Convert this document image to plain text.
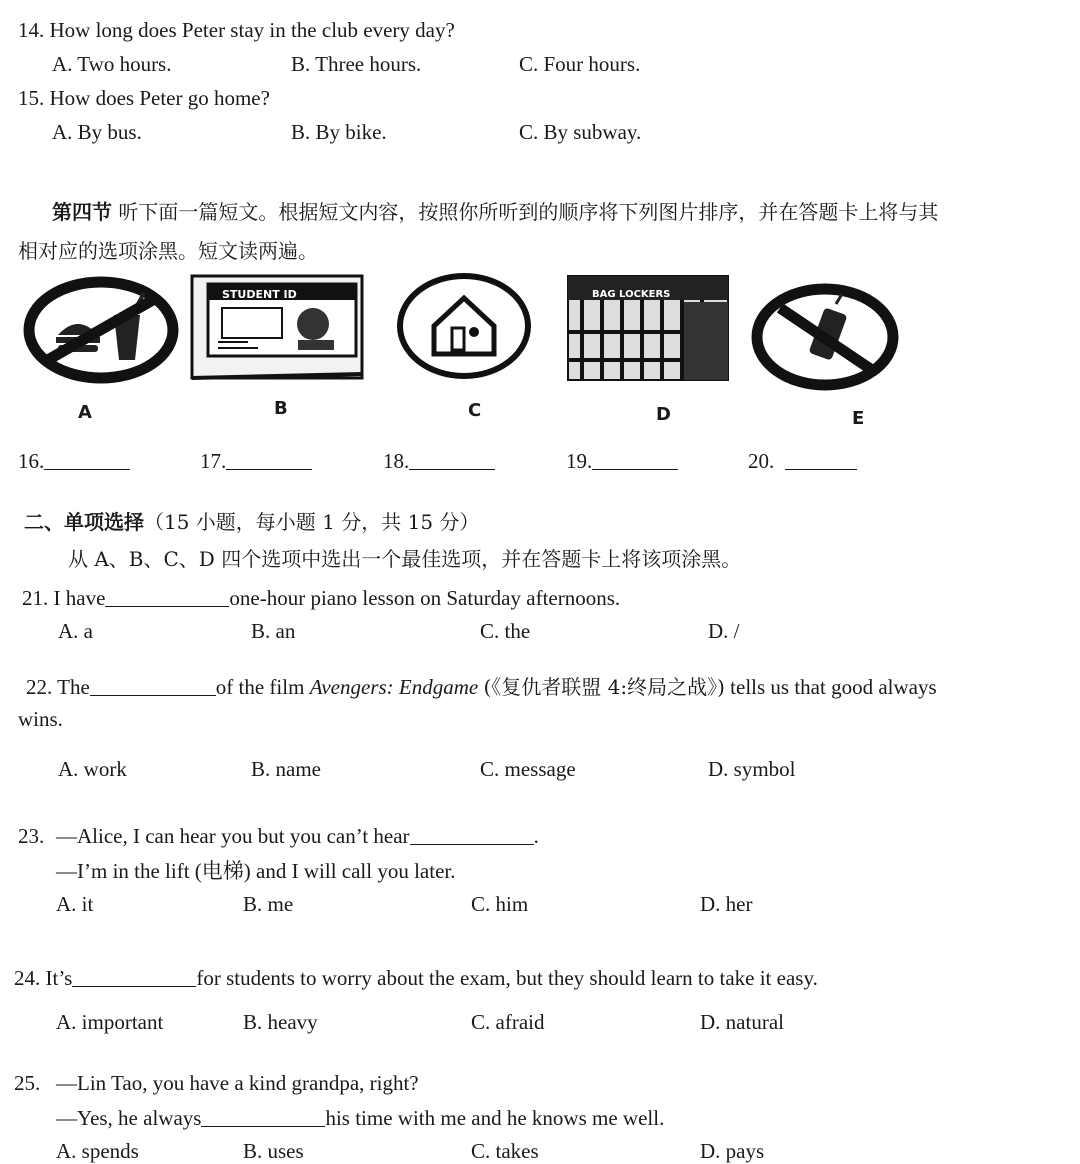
14. How long does Peter stay in the club every day?
A. Two hours.	B. Three hours.	C. Four hours.
15. How does Peter go home?
A. By bus.	B. By bike.	C. By subway.
第四节 听下面一篇短文。根据短文内容，按照你所听到的顺序将下列图片排序，并在答题卡上将与其
相对应的选项涂黑。短文读两遍。
A
STUDENT ID
B	C
BAG LOCKERS
D	E
16.	17.	18.	19.	20.
二、单项选择（15 小题，每小题 1 分，共 15 分）
从 A、B、C、D 四个选项中选出一个最佳选项，并在答题卡上将该项涂黑。
21. I have	one-hour piano lesson on Saturday afternoons.
A. a	B. an	C. the	D. /
22. The	of the film Avengers: Endgame (《复仇者联盟 4:终局之战》) tells us that good always
wins.
A. work	B. name	C. message	D. symbol
23. —Alice, I can hear you but you can’t hear	.
—I’m in the lift (电梯) and I will call you later.
A. it	B. me	C. him	D. her
24. It’s	for students to worry about the exam, but they should learn to take it easy.
A. important	B. heavy	C. afraid	D. natural
25. —Lin Tao, you have a kind grandpa, right?
—Yes, he always	his time with me and he knows me well.
A. spends	B. uses	C. takes	D. pays
